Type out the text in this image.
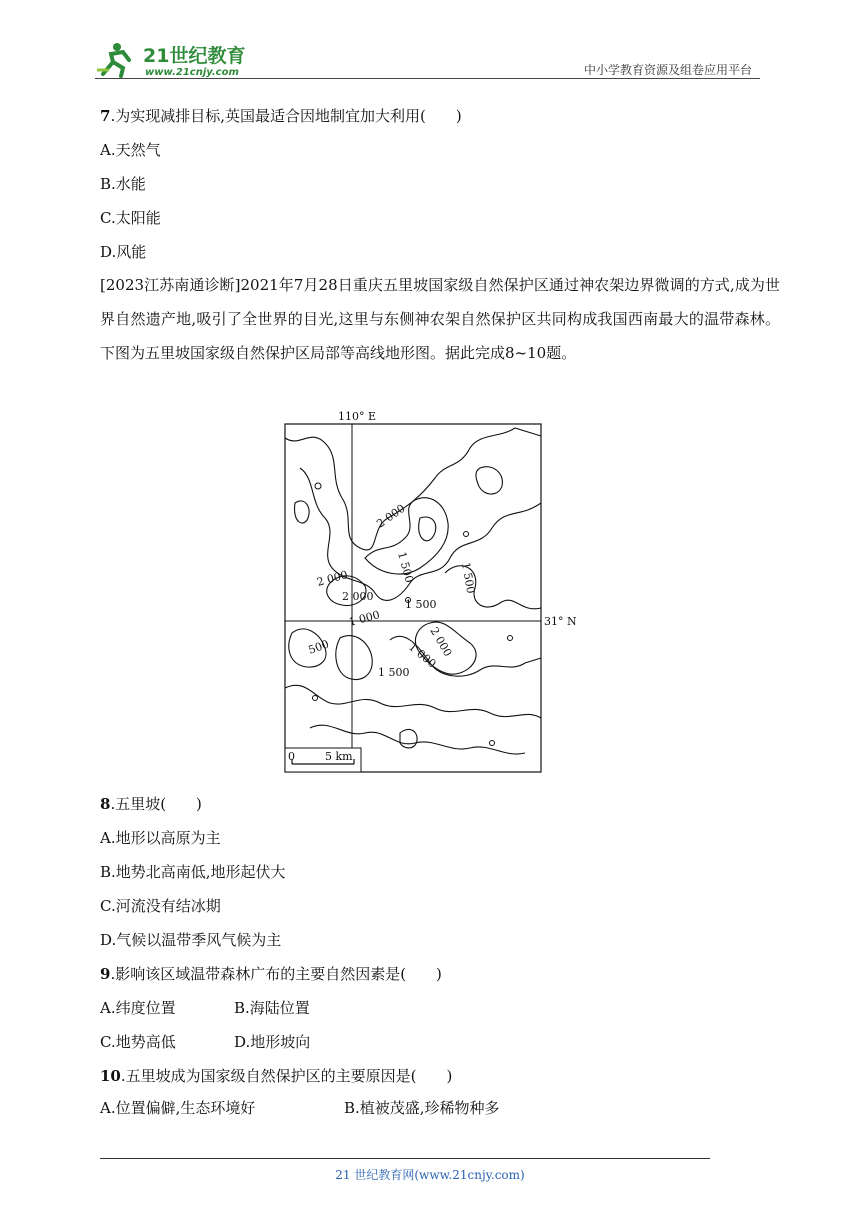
21世纪教育
www.21cnjy.com	中小学教育资源及组卷应用平台
7.为实现减排目标,英国最适合因地制宜加大利用(　　)
A.天然气
B.水能
C.太阳能
D.风能
[2023江苏南通诊断]2021年7月28日重庆五里坡国家级自然保护区通过神农架边界微调的方式,成为世界自然遗产地,吸引了全世界的目光,这里与东侧神农架自然保护区共同构成我国西南最大的温带森林。下图为五里坡国家级自然保护区局部等高线地形图。据此完成8~10题。
110° E
31° N
2 000
1 500	1 500
2 000
2 000
1 500
2 000
500
1 000
1 000
1 500
0	5 km
8.五里坡(　　)
A.地形以高原为主
B.地势北高南低,地形起伏大
C.河流没有结冰期
D.气候以温带季风气候为主
9.影响该区域温带森林广布的主要自然因素是(　　)
A.纬度位置	B.海陆位置
C.地势高低	D.地形坡向
10.五里坡成为国家级自然保护区的主要原因是(　　)
A.位置偏僻,生态环境好	B.植被茂盛,珍稀物种多
21 世纪教育网(www.21cnjy.com)
